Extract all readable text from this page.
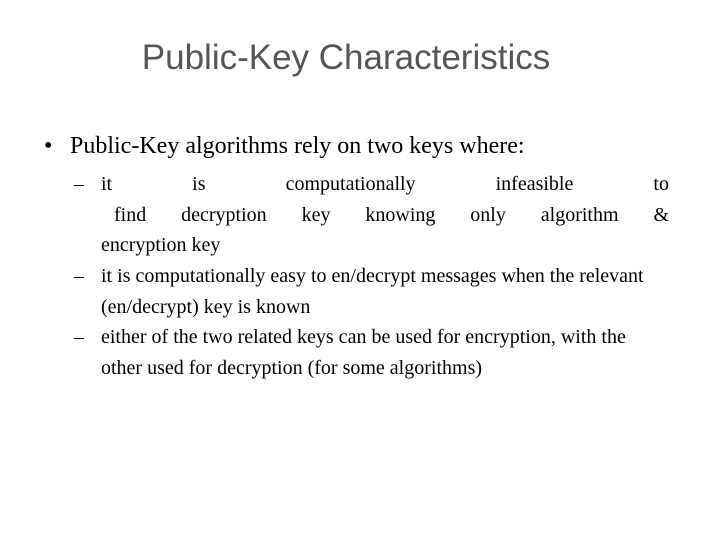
Public-Key Characteristics
• Public-Key algorithms rely on two keys where:
– it is computationally infeasible to
find decryption key knowing only algorithm &
encryption key
– it is computationally easy to en/decrypt messages when the relevant (en/decrypt) key is known
– either of the two related keys can be used for encryption, with the other used for decryption (for some algorithms)
